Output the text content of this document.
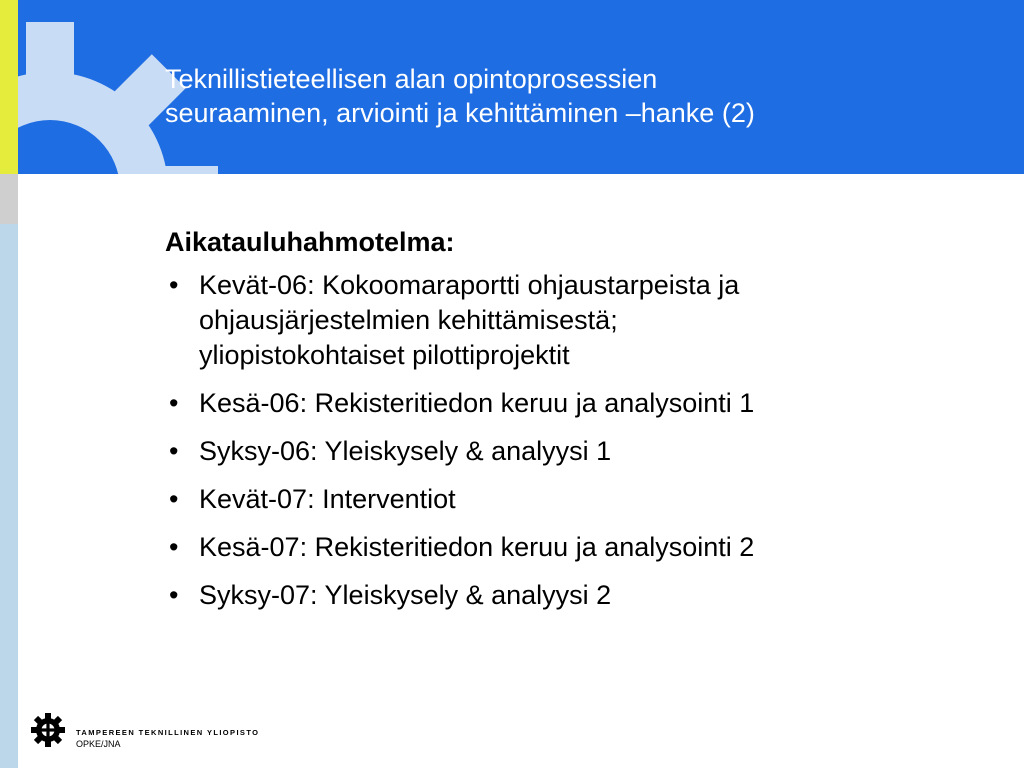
Teknillistieteellisen alan opintoprosessien
seuraaminen, arviointi ja kehittäminen –hanke (2)
Aikatauluhahmotelma:
• Kevät-06: Kokoomaraportti ohjaustarpeista ja
ohjausjärjestelmien kehittämisestä;
yliopistokohtaiset pilottiprojektit
• Kesä-06: Rekisteritiedon keruu ja analysointi 1
• Syksy-06: Yleiskysely & analyysi 1
• Kevät-07: Interventiot
• Kesä-07: Rekisteritiedon keruu ja analysointi 2
• Syksy-07: Yleiskysely & analyysi 2
TAMPEREEN TEKNILLINEN YLIOPISTO
OPKE/JNA
